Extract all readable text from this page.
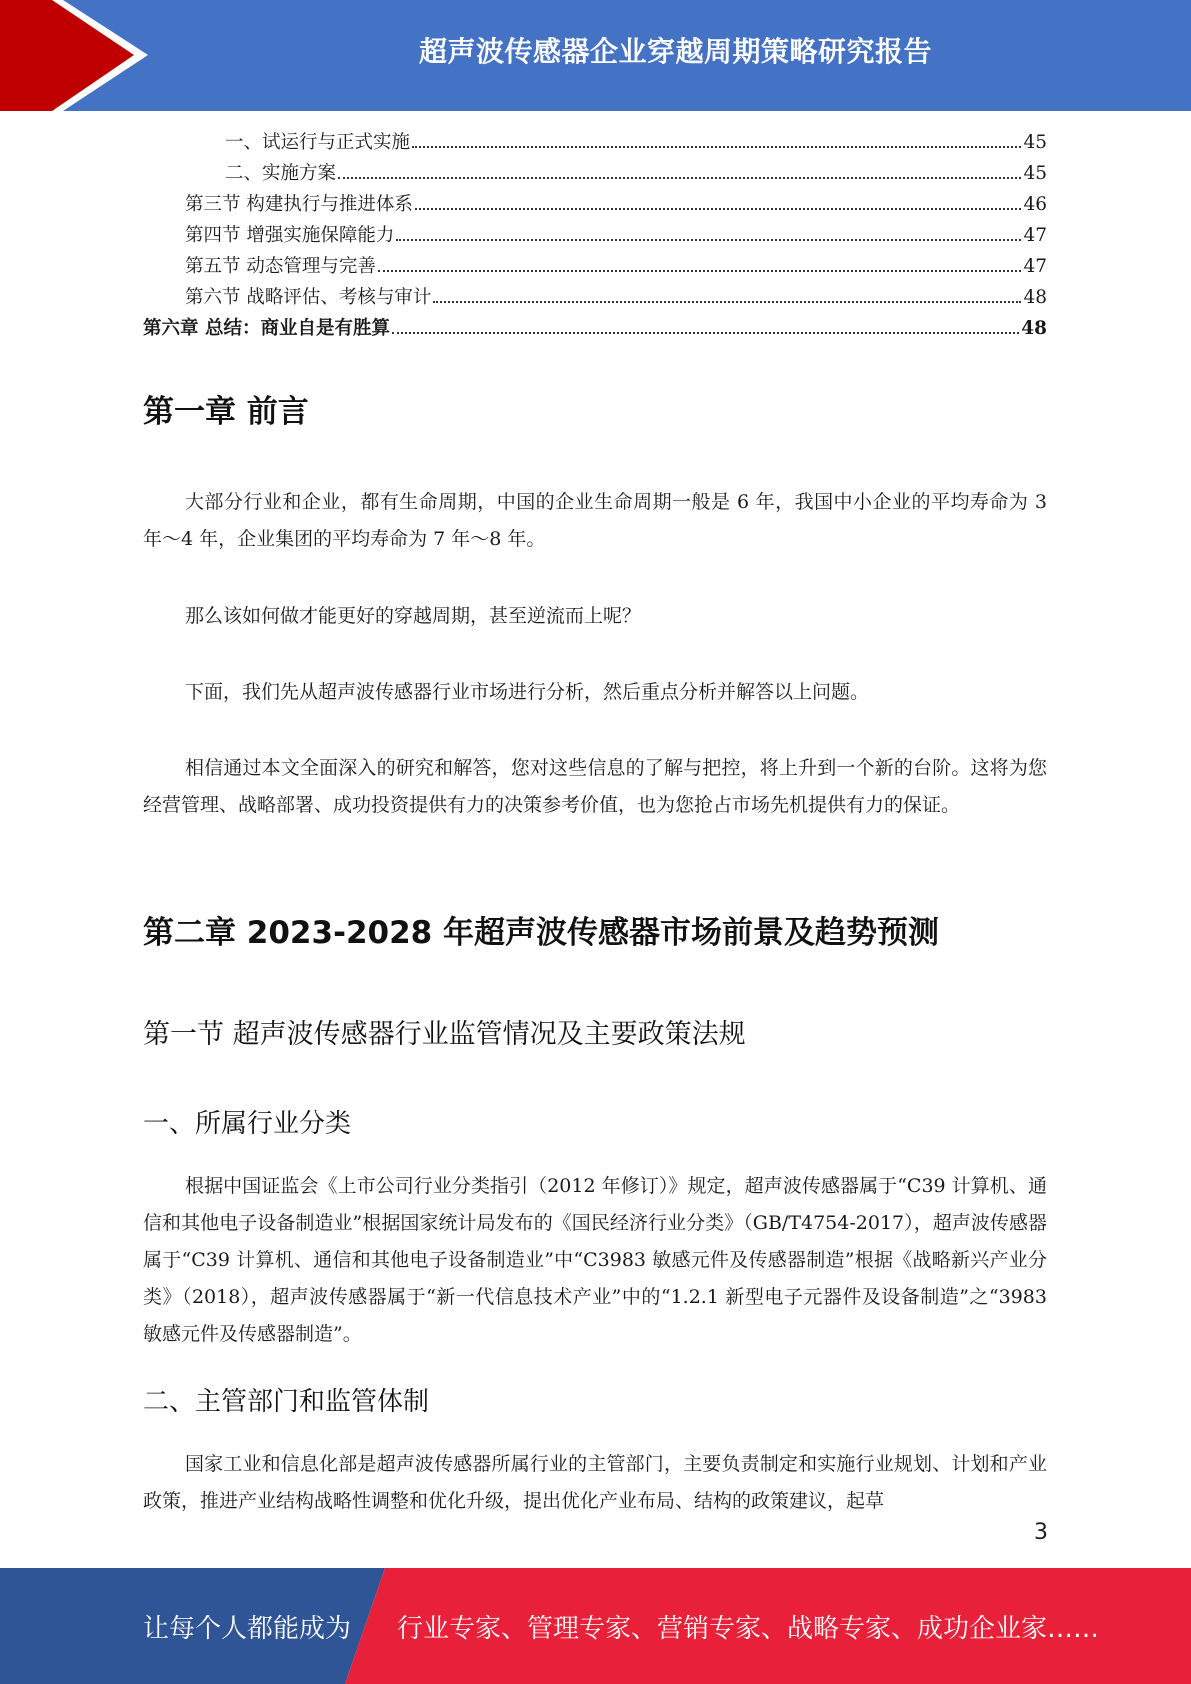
超声波传感器企业穿越周期策略研究报告
一、试运行与正式实施	45
二、实施方案	45
第三节 构建执行与推进体系	46
第四节 增强实施保障能力	47
第五节 动态管理与完善	47
第六节 战略评估、考核与审计	48
第六章 总结：商业自是有胜算	48
第一章 前言

大部分行业和企业，都有生命周期，中国的企业生命周期一般是 6 年，我国中小企业的平均寿命为 3 年～4 年，企业集团的平均寿命为 7 年～8 年。

那么该如何做才能更好的穿越周期，甚至逆流而上呢？

下面，我们先从超声波传感器行业市场进行分析，然后重点分析并解答以上问题。

相信通过本文全面深入的研究和解答，您对这些信息的了解与把控，将上升到一个新的台阶。这将为您经营管理、战略部署、成功投资提供有力的决策参考价值，也为您抢占市场先机提供有力的保证。

第二章 2023-2028 年超声波传感器市场前景及趋势预测
第一节 超声波传感器行业监管情况及主要政策法规
一、所属行业分类

根据中国证监会《上市公司行业分类指引（2012 年修订）》规定，超声波传感器属于“C39 计算机、通信和其他电子设备制造业”根据国家统计局发布的《国民经济行业分类》（GB/T4754-2017），超声波传感器属于“C39 计算机、通信和其他电子设备制造业”中“C3983 敏感元件及传感器制造”根据《战略新兴产业分类》（2018），超声波传感器属于“新一代信息技术产业”中的“1.2.1 新型电子元器件及设备制造”之“3983 敏感元件及传感器制造”。

二、主管部门和监管体制

国家工业和信息化部是超声波传感器所属行业的主管部门，主要负责制定和实施行业规划、计划和产业政策，推进产业结构战略性调整和优化升级，提出优化产业布局、结构的政策建议，起草

3
让每个人都能成为 行业专家、管理专家、营销专家、战略专家、成功企业家……
